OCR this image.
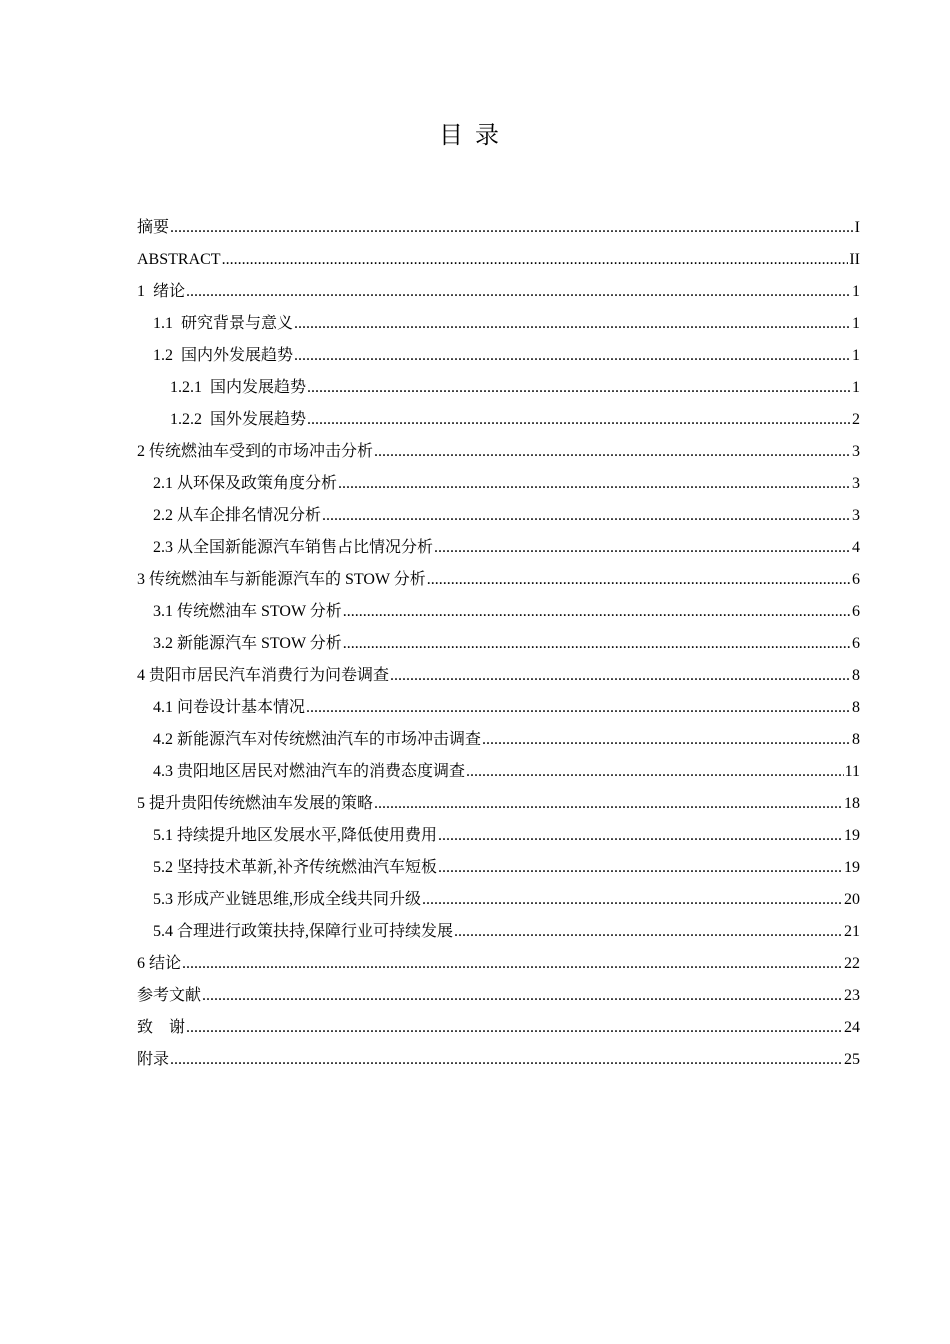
目录
摘要 .....	I
ABSTRACT .....	II
1  绪论 .....	1
1.1  研究背景与意义 .....	1
1.2  国内外发展趋势 .....	1
1.2.1  国内发展趋势 .....	1
1.2.2  国外发展趋势 .....	2
2 传统燃油车受到的市场冲击分析 .....	3
2.1 从环保及政策角度分析 .....	3
2.2 从车企排名情况分析 .....	3
2.3 从全国新能源汽车销售占比情况分析 .....	4
3 传统燃油车与新能源汽车的 STOW 分析 .....	6
3.1 传统燃油车 STOW 分析 .....	6
3.2 新能源汽车 STOW 分析 .....	6
4 贵阳市居民汽车消费行为问卷调查 .....	8
4.1 问卷设计基本情况 .....	8
4.2 新能源汽车对传统燃油汽车的市场冲击调查 .....	8
4.3 贵阳地区居民对燃油汽车的消费态度调查 .....	11
5 提升贵阳传统燃油车发展的策略 .....	18
5.1 持续提升地区发展水平,降低使用费用 .....	19
5.2 坚持技术革新,补齐传统燃油汽车短板 .....	19
5.3 形成产业链思维,形成全线共同升级 .....	20
5.4 合理进行政策扶持,保障行业可持续发展 .....	21
6 结论 .....	22
参考文献 .....	23
致    谢 .....	24
附录 .....	25
